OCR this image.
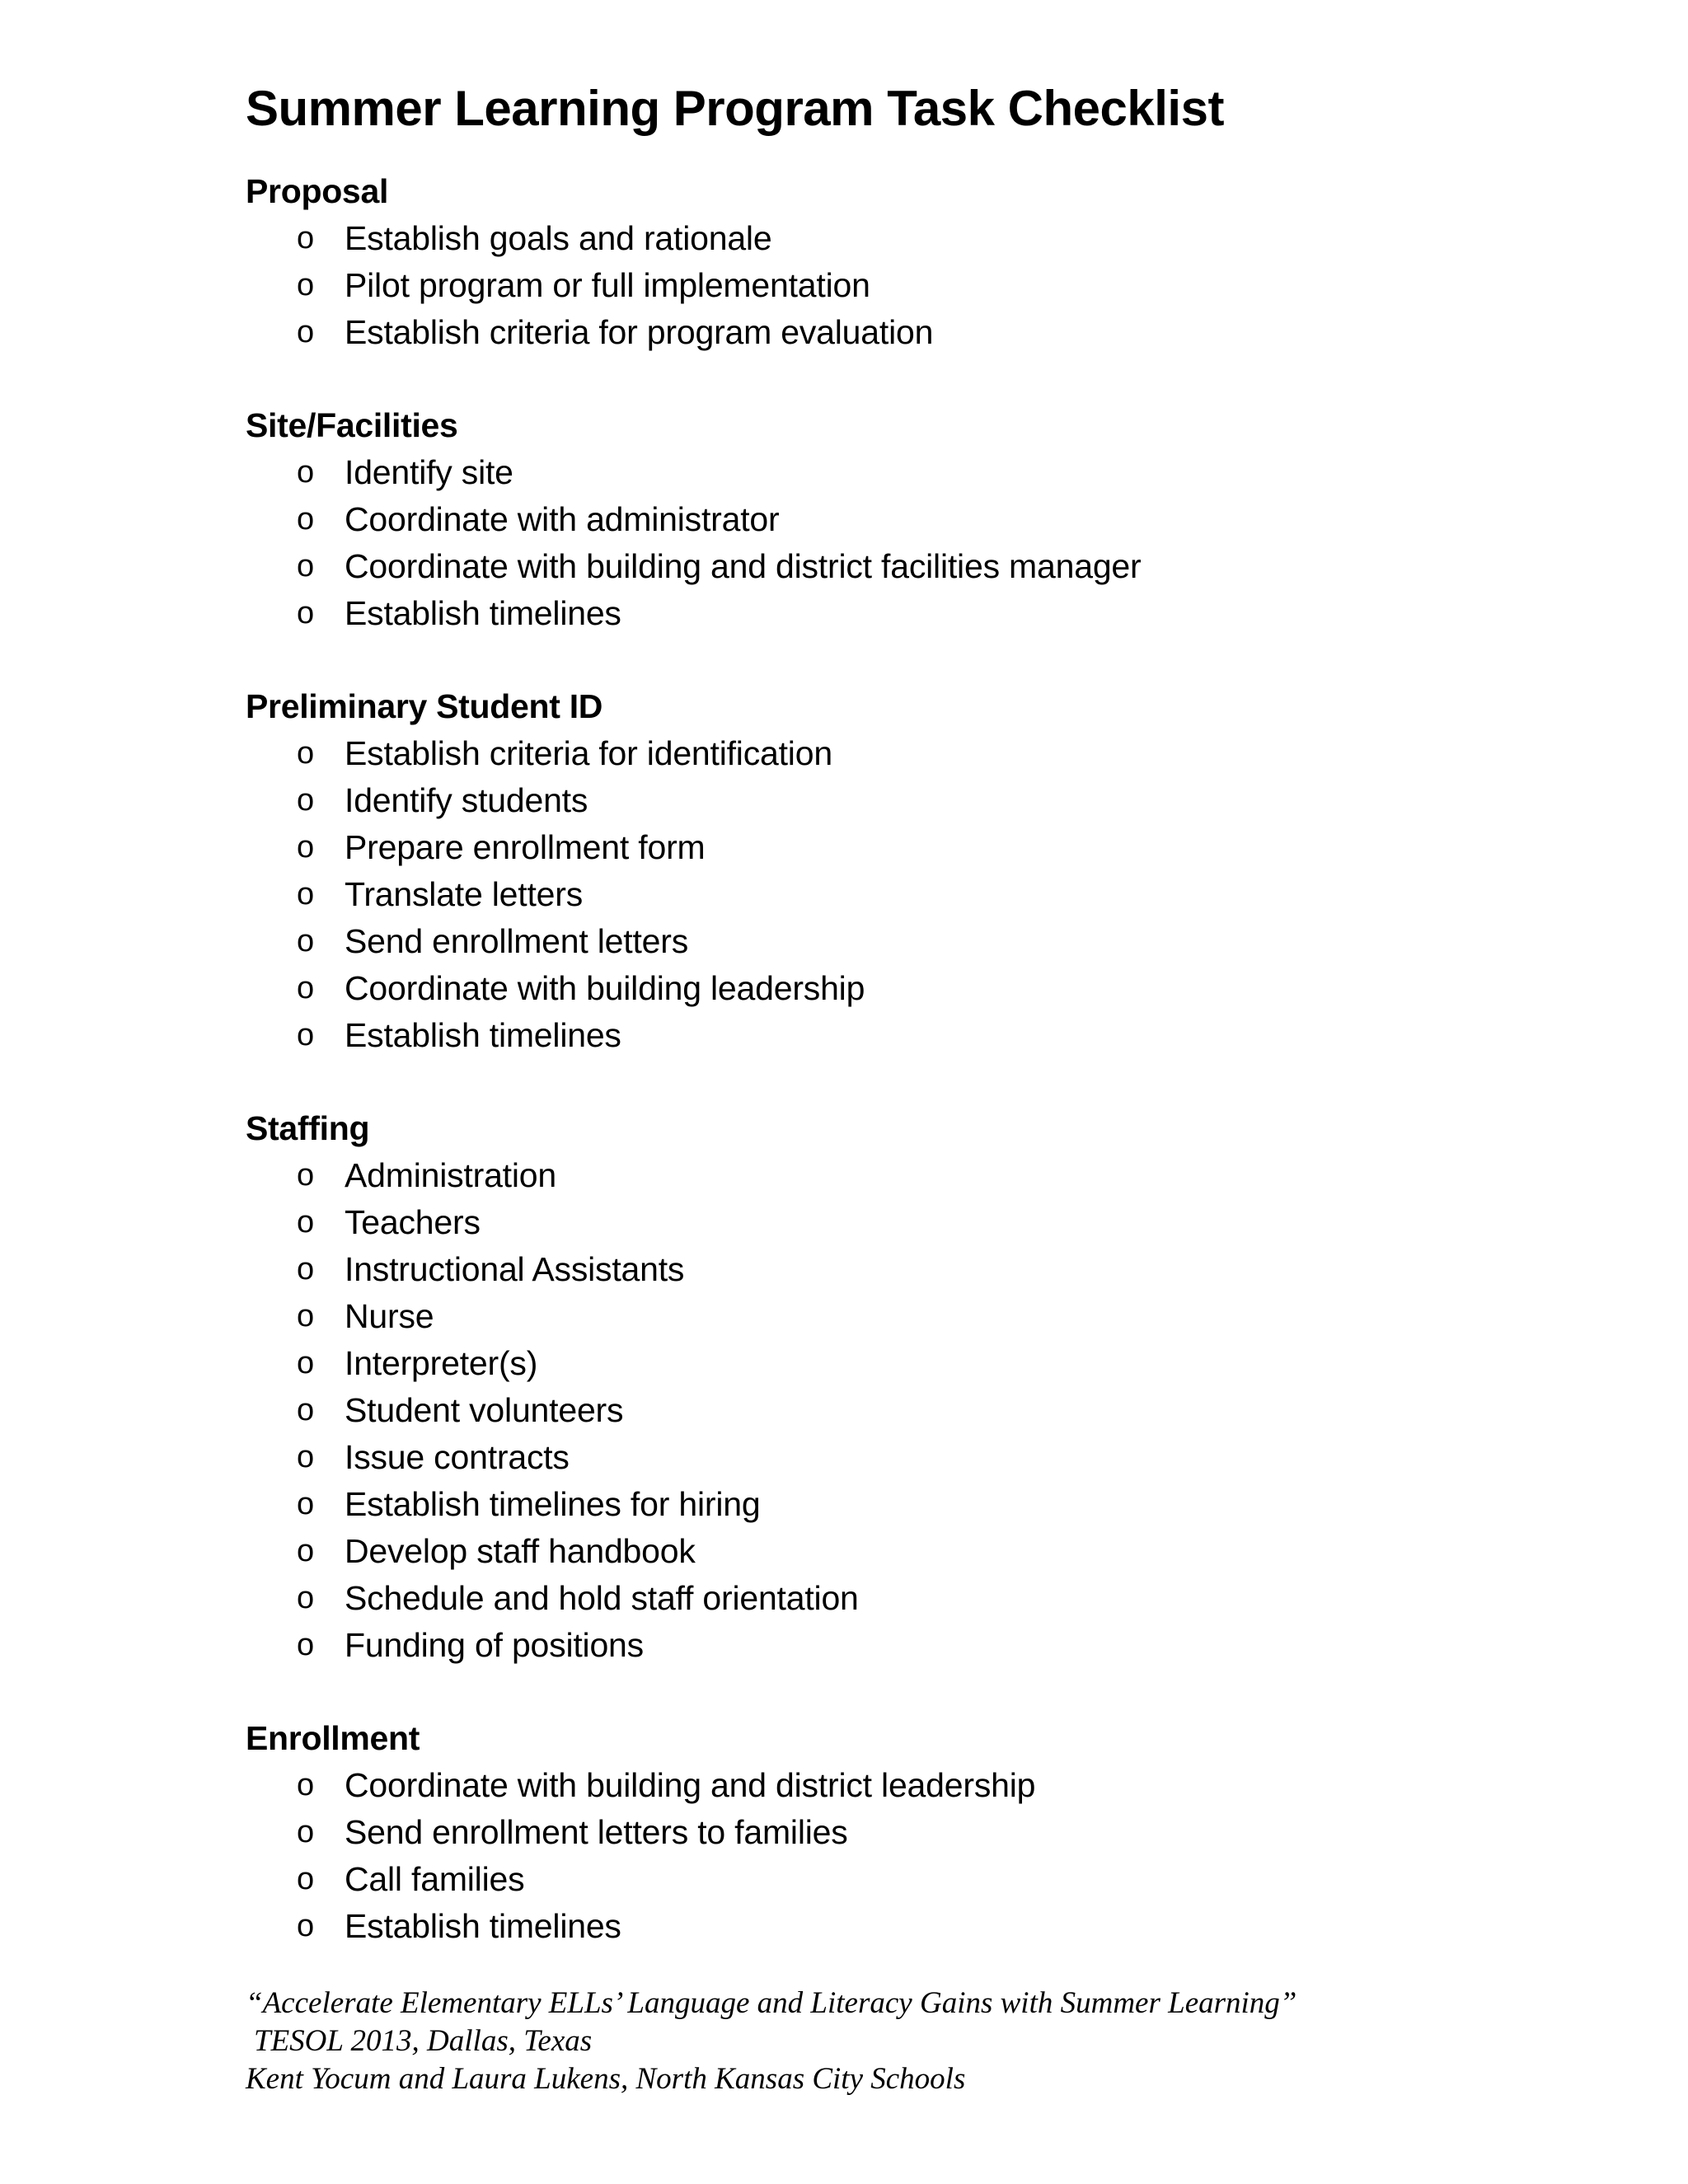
Summer Learning Program Task Checklist
Proposal
o Establish goals and rationale
o Pilot program or full implementation
o Establish criteria for program evaluation
Site/Facilities
o Identify site
o Coordinate with administrator
o Coordinate with building and district facilities manager
o Establish timelines
Preliminary Student ID
o Establish criteria for identification
o Identify students
o Prepare enrollment form
o Translate letters
o Send enrollment letters
o Coordinate with building leadership
o Establish timelines
Staffing
o Administration
o Teachers
o Instructional Assistants
o Nurse
o Interpreter(s)
o Student volunteers
o Issue contracts
o Establish timelines for hiring
o Develop staff handbook
o Schedule and hold staff orientation
o Funding of positions
Enrollment
o Coordinate with building and district leadership
o Send enrollment letters to families
o Call families
o Establish timelines
“Accelerate Elementary ELLs’ Language and Literacy Gains with Summer Learning”
TESOL 2013, Dallas, Texas
Kent Yocum and Laura Lukens, North Kansas City Schools
